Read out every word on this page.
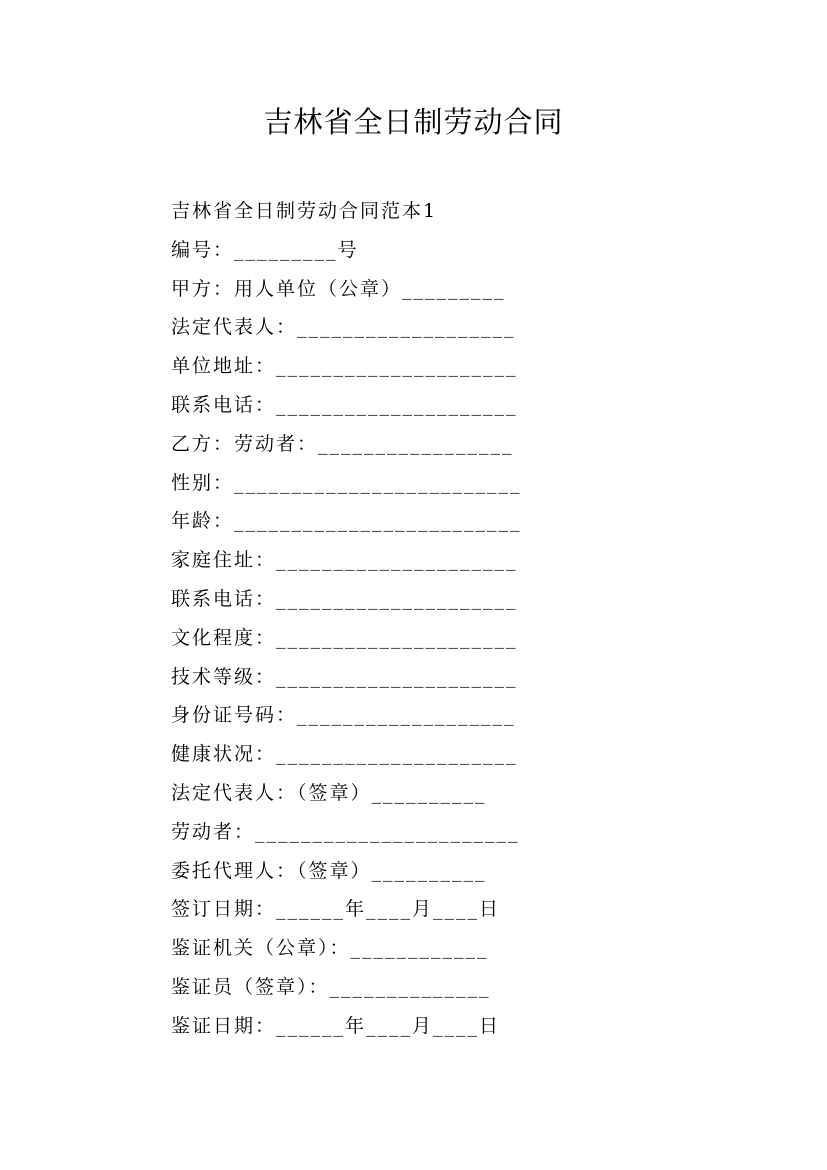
吉林省全日制劳动合同
吉林省全日制劳动合同范本1
编号：_________号
甲方：用人单位（公章）_________
法定代表人：___________________
单位地址：_____________________
联系电话：_____________________
乙方：劳动者：_________________
性别：_________________________
年龄：_________________________
家庭住址：_____________________
联系电话：_____________________
文化程度：_____________________
技术等级：_____________________
身份证号码：___________________
健康状况：_____________________
法定代表人：（签章）__________
劳动者：_______________________
委托代理人：（签章）__________
签订日期：______年____月____日
鉴证机关（公章）：____________
鉴证员（签章）：______________
鉴证日期：______年____月____日
